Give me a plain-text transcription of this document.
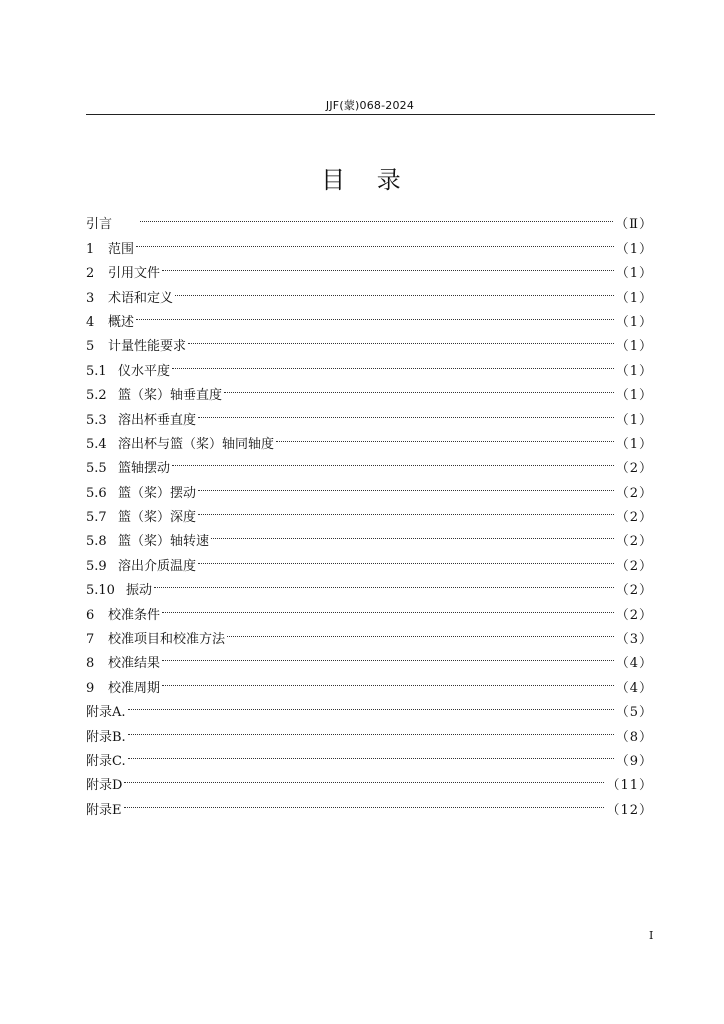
JJF(蒙)068-2024
目 录
引言	（Ⅱ）
1	范围	（1）
2	引用文件	（1）
3	术语和定义	（1）
4	概述	（1）
5	计量性能要求	（1）
5.1 仪水平度	（1）
5.2 篮（桨）轴垂直度	（1）
5.3 溶出杯垂直度	（1）
5.4 溶出杯与篮（桨）轴同轴度	（1）
5.5 篮轴摆动	（2）
5.6 篮（桨）摆动	（2）
5.7 篮（桨）深度	（2）
5.8 篮（桨）轴转速	（2）
5.9 溶出介质温度	（2）
5.10 振动	（2）
6	校准条件	（2）
7	校准项目和校准方法	（3）
8	校准结果	（4）
9	校准周期	（4）
附录A.	（5）
附录B.	（8）
附录C.	（9）
附录D	（11）
附录E	（12）
I
